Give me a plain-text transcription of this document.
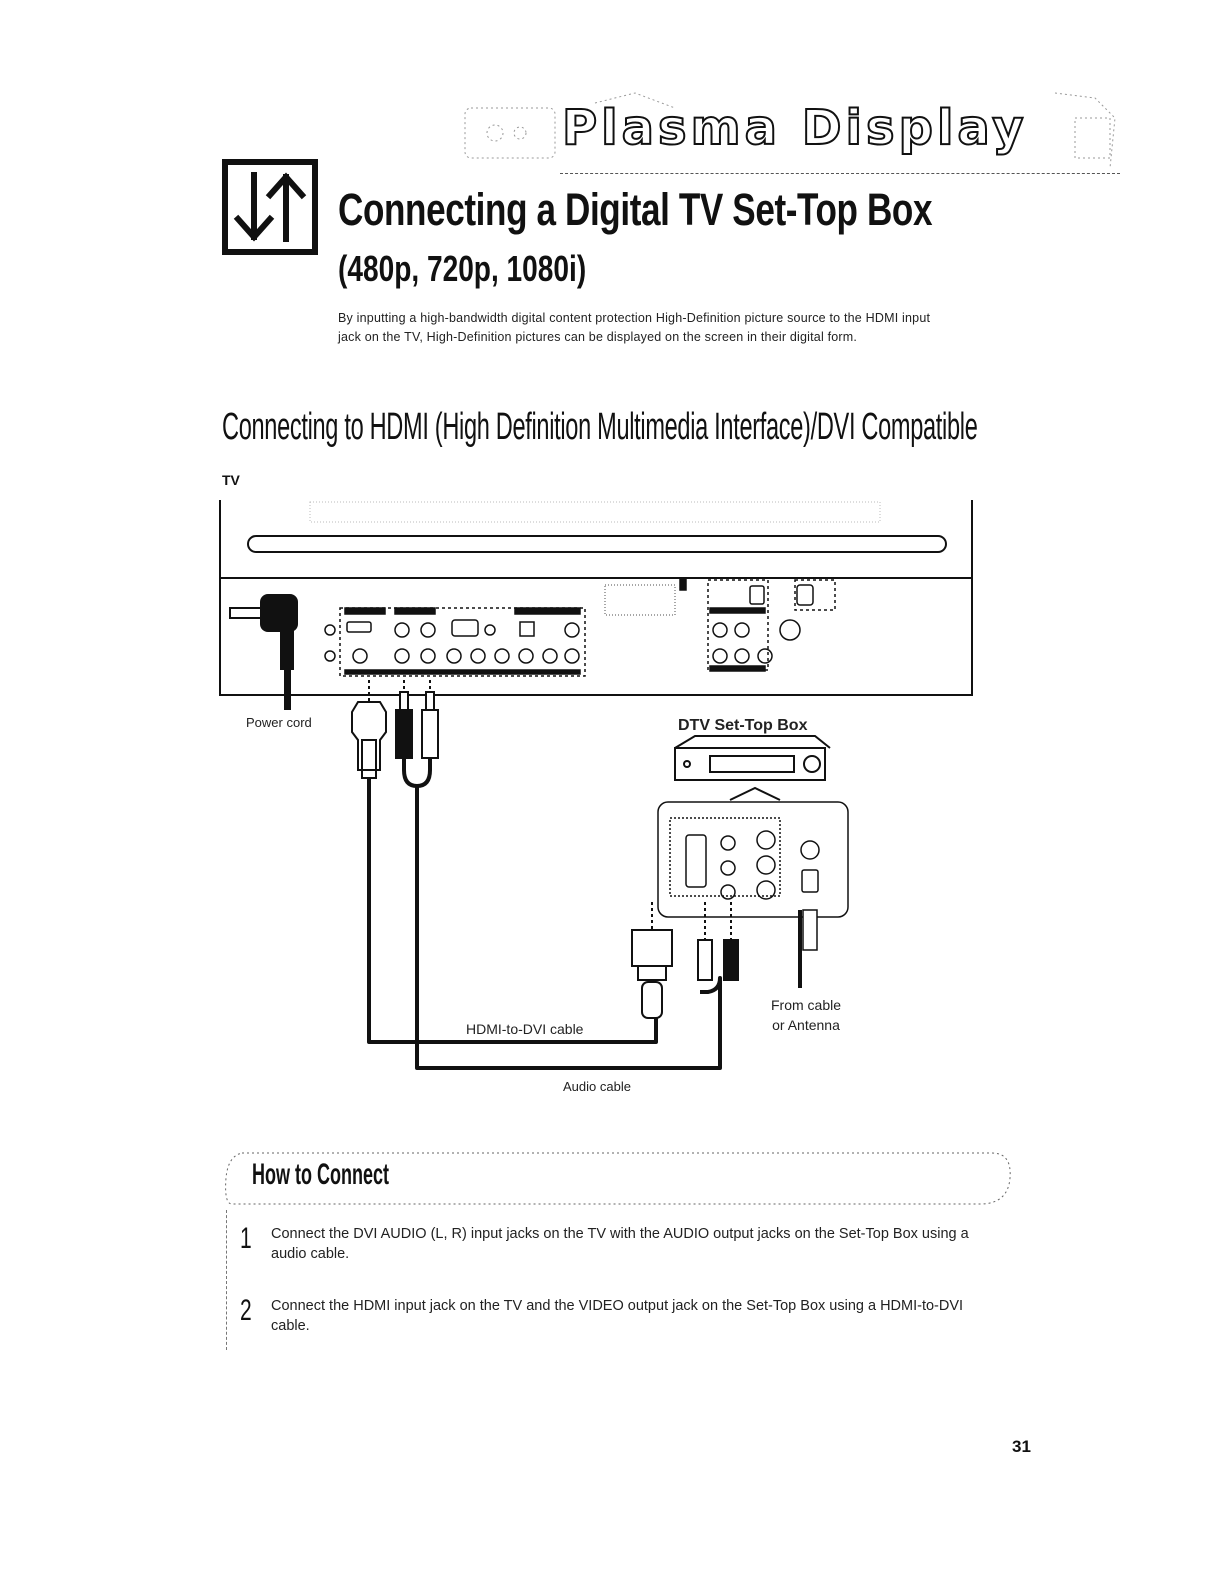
Plasma Display
Connecting a Digital TV Set-Top Box
(480p, 720p, 1080i)
By inputting a high-bandwidth digital content protection High-Definition picture source to the HDMI input jack on the TV, High-Definition pictures can be displayed on the screen in their digital form.
Connecting to HDMI (High Definition Multimedia Interface)/DVI Compatible
TV
Power cord	DTV Set-Top Box
HDMI-to-DVI cable
Audio cable
From cable
or Antenna
How to Connect
1 Connect the DVI AUDIO (L, R) input jacks on the TV with the AUDIO output jacks on the Set-Top Box using a audio cable.
2 Connect the HDMI input jack on the TV and the VIDEO output jack on the Set-Top Box using a HDMI-to-DVI cable.
31
